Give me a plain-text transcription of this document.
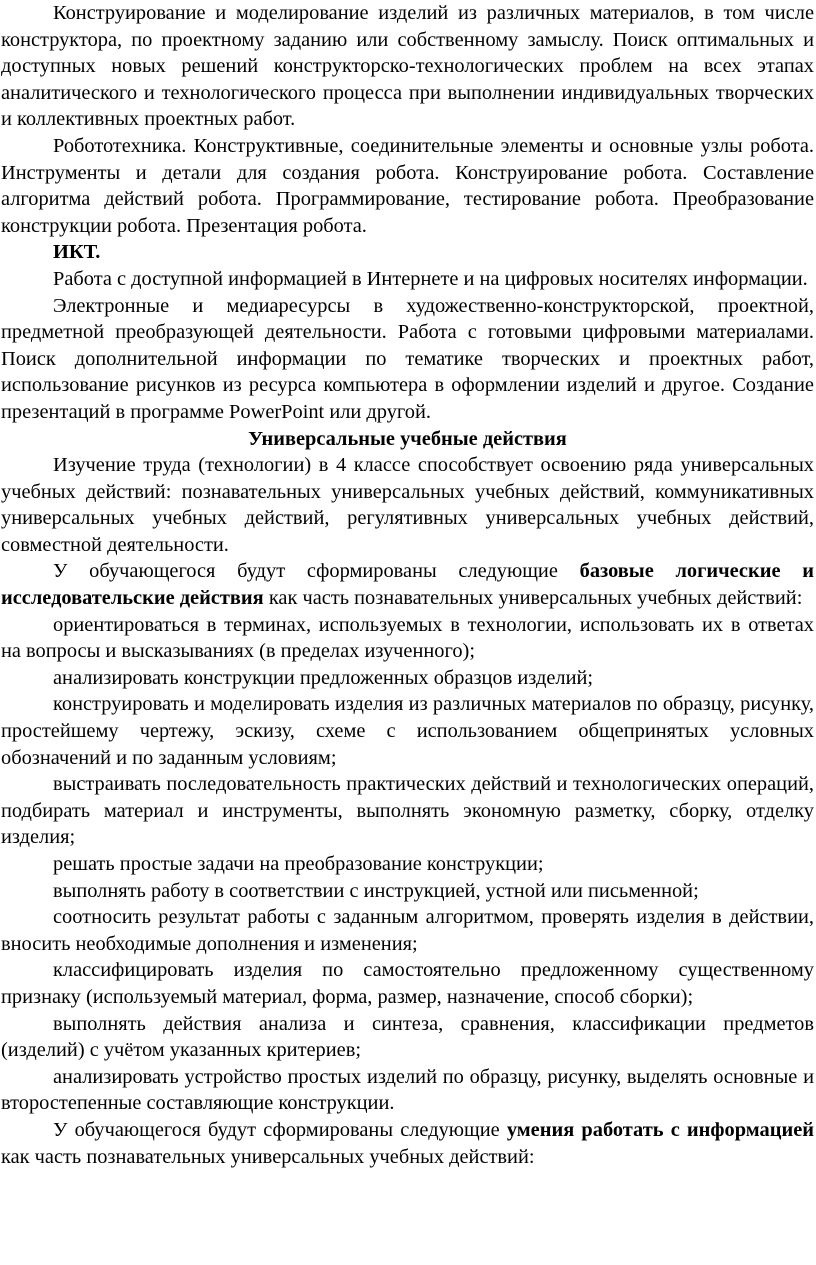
Конструирование и моделирование изделий из различных материалов, в том числе конструктора, по проектному заданию или собственному замыслу. Поиск оптимальных и доступных новых решений конструкторско-технологических проблем на всех этапах аналитического и технологического процесса при выполнении индивидуальных творческих и коллективных проектных работ.

Робототехника. Конструктивные, соединительные элементы и основные узлы робота. Инструменты и детали для создания робота. Конструирование робота. Составление алгоритма действий робота. Программирование, тестирование робота. Преобразование конструкции робота. Презентация робота.

ИКТ.

Работа с доступной информацией в Интернете и на цифровых носителях информации.

Электронные и медиаресурсы в художественно-конструкторской, проектной, предметной преобразующей деятельности. Работа с готовыми цифровыми материалами. Поиск дополнительной информации по тематике творческих и проектных работ, использование рисунков из ресурса компьютера в оформлении изделий и другое. Создание презентаций в программе PowerPoint или другой.

Универсальные учебные действия

Изучение труда (технологии) в 4 классе способствует освоению ряда универсальных учебных действий: познавательных универсальных учебных действий, коммуникативных универсальных учебных действий, регулятивных универсальных учебных действий, совместной деятельности.

У обучающегося будут сформированы следующие базовые логические и исследовательские действия как часть познавательных универсальных учебных действий:

ориентироваться в терминах, используемых в технологии, использовать их в ответах на вопросы и высказываниях (в пределах изученного);

анализировать конструкции предложенных образцов изделий;

конструировать и моделировать изделия из различных материалов по образцу, рисунку, простейшему чертежу, эскизу, схеме с использованием общепринятых условных обозначений и по заданным условиям;

выстраивать последовательность практических действий и технологических операций, подбирать материал и инструменты, выполнять экономную разметку, сборку, отделку изделия;

решать простые задачи на преобразование конструкции;

выполнять работу в соответствии с инструкцией, устной или письменной;

соотносить результат работы с заданным алгоритмом, проверять изделия в действии, вносить необходимые дополнения и изменения;

классифицировать изделия по самостоятельно предложенному существенному признаку (используемый материал, форма, размер, назначение, способ сборки);

выполнять действия анализа и синтеза, сравнения, классификации предметов (изделий) с учётом указанных критериев;

анализировать устройство простых изделий по образцу, рисунку, выделять основные и второстепенные составляющие конструкции.

У обучающегося будут сформированы следующие умения работать с информацией как часть познавательных универсальных учебных действий:
